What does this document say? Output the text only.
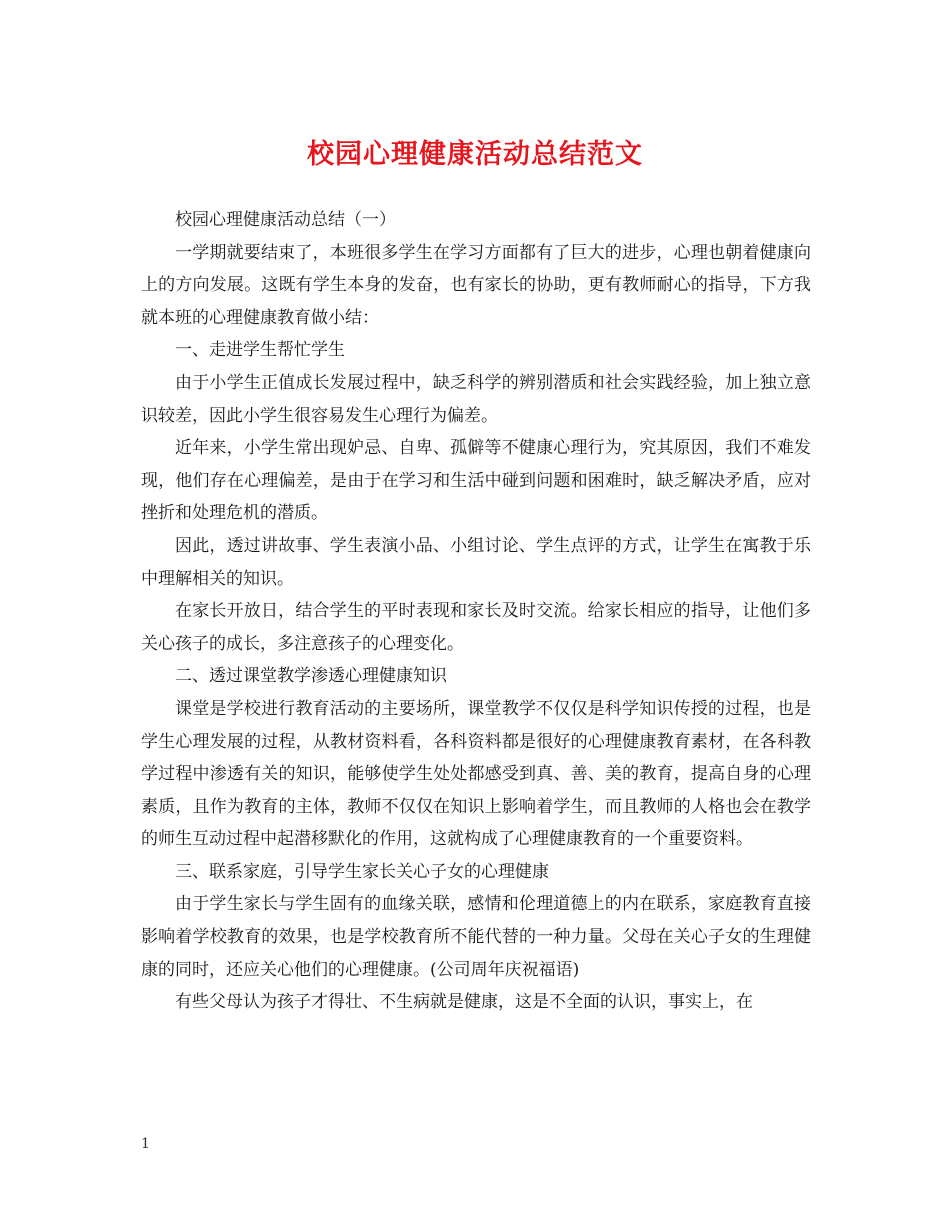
校园心理健康活动总结范文

校园心理健康活动总结（一）

一学期就要结束了，本班很多学生在学习方面都有了巨大的进步，心理也朝着健康向上的方向发展。这既有学生本身的发奋，也有家长的协助，更有教师耐心的指导，下方我就本班的心理健康教育做小结：

一、走进学生帮忙学生

由于小学生正值成长发展过程中，缺乏科学的辨别潜质和社会实践经验，加上独立意识较差，因此小学生很容易发生心理行为偏差。

近年来，小学生常出现妒忌、自卑、孤僻等不健康心理行为，究其原因，我们不难发现，他们存在心理偏差，是由于在学习和生活中碰到问题和困难时，缺乏解决矛盾，应对挫折和处理危机的潜质。

因此，透过讲故事、学生表演小品、小组讨论、学生点评的方式，让学生在寓教于乐中理解相关的知识。

在家长开放日，结合学生的平时表现和家长及时交流。给家长相应的指导，让他们多关心孩子的成长，多注意孩子的心理变化。

二、透过课堂教学渗透心理健康知识

课堂是学校进行教育活动的主要场所，课堂教学不仅仅是科学知识传授的过程，也是学生心理发展的过程，从教材资料看，各科资料都是很好的心理健康教育素材，在各科教学过程中渗透有关的知识，能够使学生处处都感受到真、善、美的教育，提高自身的心理素质，且作为教育的主体，教师不仅仅在知识上影响着学生，而且教师的人格也会在教学的师生互动过程中起潜移默化的作用，这就构成了心理健康教育的一个重要资料。

三、联系家庭，引导学生家长关心子女的心理健康

由于学生家长与学生固有的血缘关联，感情和伦理道德上的内在联系，家庭教育直接影响着学校教育的效果，也是学校教育所不能代替的一种力量。父母在关心子女的生理健康的同时，还应关心他们的心理健康。(公司周年庆祝福语)

有些父母认为孩子才得壮、不生病就是健康，这是不全面的认识，事实上，在

1
